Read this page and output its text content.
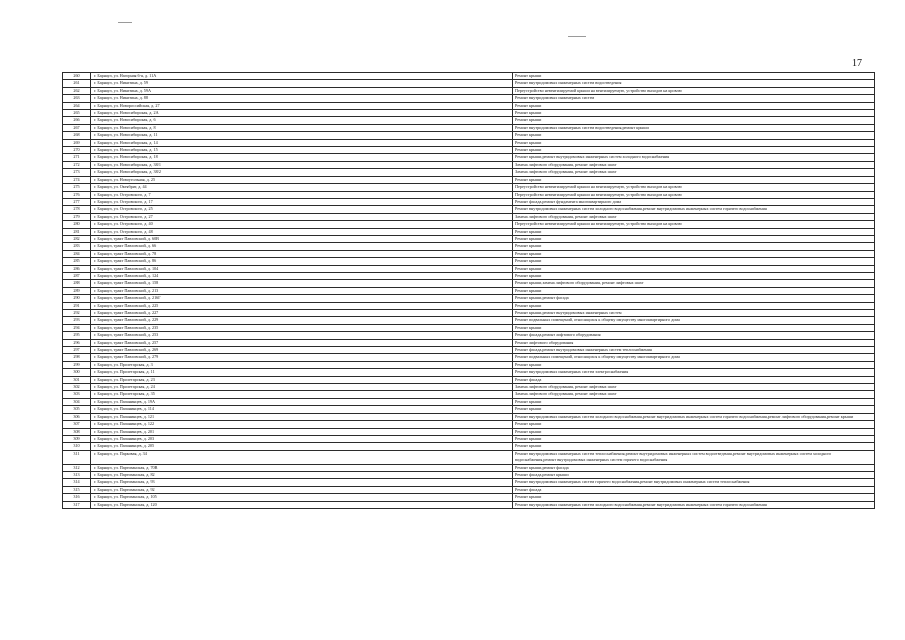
17
260	г. Барнаул, ул. Нагорная 6-я, д. 11А	Ремонт крыши
261	г. Барнаул, ул. Никитина, д. 59	Ремонт внутридомовых инженерных систем водоотведения
262	г. Барнаул, ул. Никитина, д. 59А	Переустройство невентилируемой крыши на вентилируемую, устройство выходов на кровлю
263	г. Барнаул, ул. Никитина, д. 88	Ремонт внутридомовых инженерных систем
264	г. Барнаул, ул. Новороссийская, д. 27	Ремонт крыши
265	г. Барнаул, ул. Новосибирская, д. 2А	Ремонт крыши
266	г. Барнаул, ул. Новосибирская, д. 6	Ремонт крыши
267	г. Барнаул, ул. Новосибирская, д. 8	Ремонт внутридомовых инженерных систем водоотведения,ремонт крыши
268	г. Барнаул, ул. Новосибирская, д. 11	Ремонт крыши
269	г. Барнаул, ул. Новосибирская, д. 14	Ремонт крыши
270	г. Барнаул, ул. Новосибирская, д. 15	Ремонт крыши
271	г. Барнаул, ул. Новосибирская, д. 18	Ремонт крыши,ремонт внутридомовых инженерных систем холодного водоснабжения
272	г. Барнаул, ул. Новосибирская, д. 38/1	Замена лифтового оборудования, ремонт лифтовых шахт
273	г. Барнаул, ул. Новосибирская, д. 38/2	Замена лифтового оборудования, ремонт лифтовых шахт
274	г. Барнаул, ул. Новоугольная, д. 25	Ремонт крыши
275	г. Барнаул, ул. Октябрят, д. 44	Переустройство невентилируемой крыши на вентилируемую, устройство выходов на кровлю
276	г. Барнаул, ул. Островского, д. 7	Переустройство невентилируемой крыши на вентилируемую, устройство выходов на кровлю
277	г. Барнаул, ул. Островского, д. 17	Ремонт фасада,ремонт фундамента многоквартирного дома
278	г. Барнаул, ул. Островского, д. 25	Ремонт внутридомовых инженерных систем холодного водоснабжения,ремонт внутридомовых инженерных систем горячего водоснабжения
279	г. Барнаул, ул. Островского, д. 27	Замена лифтового оборудования, ремонт лифтовых шахт
280	г. Барнаул, ул. Островского, д. 40	Переустройство невентилируемой крыши на вентилируемую, устройство выходов на кровлю
281	г. Барнаул, ул. Островского, д. 48	Ремонт крыши
282	г. Барнаул, тракт Павловский, д. 60В	Ремонт крыши
283	г. Барнаул, тракт Павловский, д. 66	Ремонт крыши
284	г. Барнаул, тракт Павловский, д. 78	Ремонт крыши
285	г. Барнаул, тракт Павловский, д. 86	Ремонт крыши
286	г. Барнаул, тракт Павловский, д. 104	Ремонт крыши
287	г. Барнаул, тракт Павловский, д. 124	Ремонт крыши
288	г. Барнаул, тракт Павловский, д. 158	Ремонт крыши,замена лифтового оборудования, ремонт лифтовых шахт
289	г. Барнаул, тракт Павловский, д. 213	Ремонт крыши
290	г. Барнаул, тракт Павловский, д. 216Г	Ремонт крыши,ремонт фасада
291	г. Барнаул, тракт Павловский, д. 225	Ремонт крыши
292	г. Барнаул, тракт Павловский, д. 227	Ремонт крыши,ремонт внутридомовых инженерных систем
293	г. Барнаул, тракт Павловский, д. 229	Ремонт подвальных помещений, относящихся к общему имуществу многоквартирного дома
294	г. Барнаул, тракт Павловский, д. 235	Ремонт крыши
295	г. Барнаул, тракт Павловский, д. 253	Ремонт фасада,ремонт лифтового оборудования
296	г. Барнаул, тракт Павловский, д. 257	Ремонт лифтового оборудования
297	г. Барнаул, тракт Павловский, д. 269	Ремонт фасада,ремонт внутридомовых инженерных систем теплоснабжения
298	г. Барнаул, тракт Павловский, д. 279	Ремонт подвальных помещений, относящихся к общему имуществу многоквартирного дома
299	г. Барнаул, ул. Пролетарская, д. 3	Ремонт крыши
300	г. Барнаул, ул. Пролетарская, д. 11	Ремонт внутридомовых инженерных систем электроснабжения
301	г. Барнаул, ул. Пролетарская, д. 23	Ремонт фасада
302	г. Барнаул, ул. Пролетарская, д. 24	Замена лифтового оборудования, ремонт лифтовых шахт
303	г. Барнаул, ул. Пролетарская, д. 35	Замена лифтового оборудования, ремонт лифтовых шахт
304	г. Барнаул, ул. Папанинцев, д. 19А	Ремонт крыши
305	г. Барнаул, ул. Папанинцев, д. 114	Ремонт крыши
306	г. Барнаул, ул. Папанинцев, д. 121	Ремонт внутридомовых инженерных систем холодного водоснабжения,ремонт внутридомовых инженерных систем горячего водоснабжения,ремонт лифтового оборудования,ремонт крыши
307	г. Барнаул, ул. Папанинцев, д. 122	Ремонт крыши
308	г. Барнаул, ул. Папанинцев, д. 201	Ремонт крыши
309	г. Барнаул, ул. Папанинцев, д. 203	Ремонт крыши
310	г. Барнаул, ул. Папанинцев, д. 205	Ремонт крыши
311	г. Барнаул, ул. Парковая, д. 34	Ремонт внутридомовых инженерных систем теплоснабжения,ремонт внутридомовых инженерных систем водоотведения,ремонт внутридомовых инженерных систем холодного водоснабжения,ремонт внутридомовых инженерных систем горячего водоснабжения
312	г. Барнаул, ул. Партизанская, д. 70В	Ремонт крыши,ремонт фасада
313	г. Барнаул, ул. Партизанская, д. 82	Ремонт фасада,ремонт крыши
314	г. Барнаул, ул. Партизанская, д. 93	Ремонт внутридомовых инженерных систем горячего водоснабжения,ремонт внутридомовых инженерных систем теплоснабжения
315	г. Барнаул, ул. Партизанская, д. 92	Ремонт фасада
316	г. Барнаул, ул. Партизанская, д. 105	Ремонт крыши
317	г. Барнаул, ул. Партизанская, д. 120	Ремонт внутридомовых инженерных систем холодного водоснабжения,ремонт внутридомовых инженерных систем горячего водоснабжения
